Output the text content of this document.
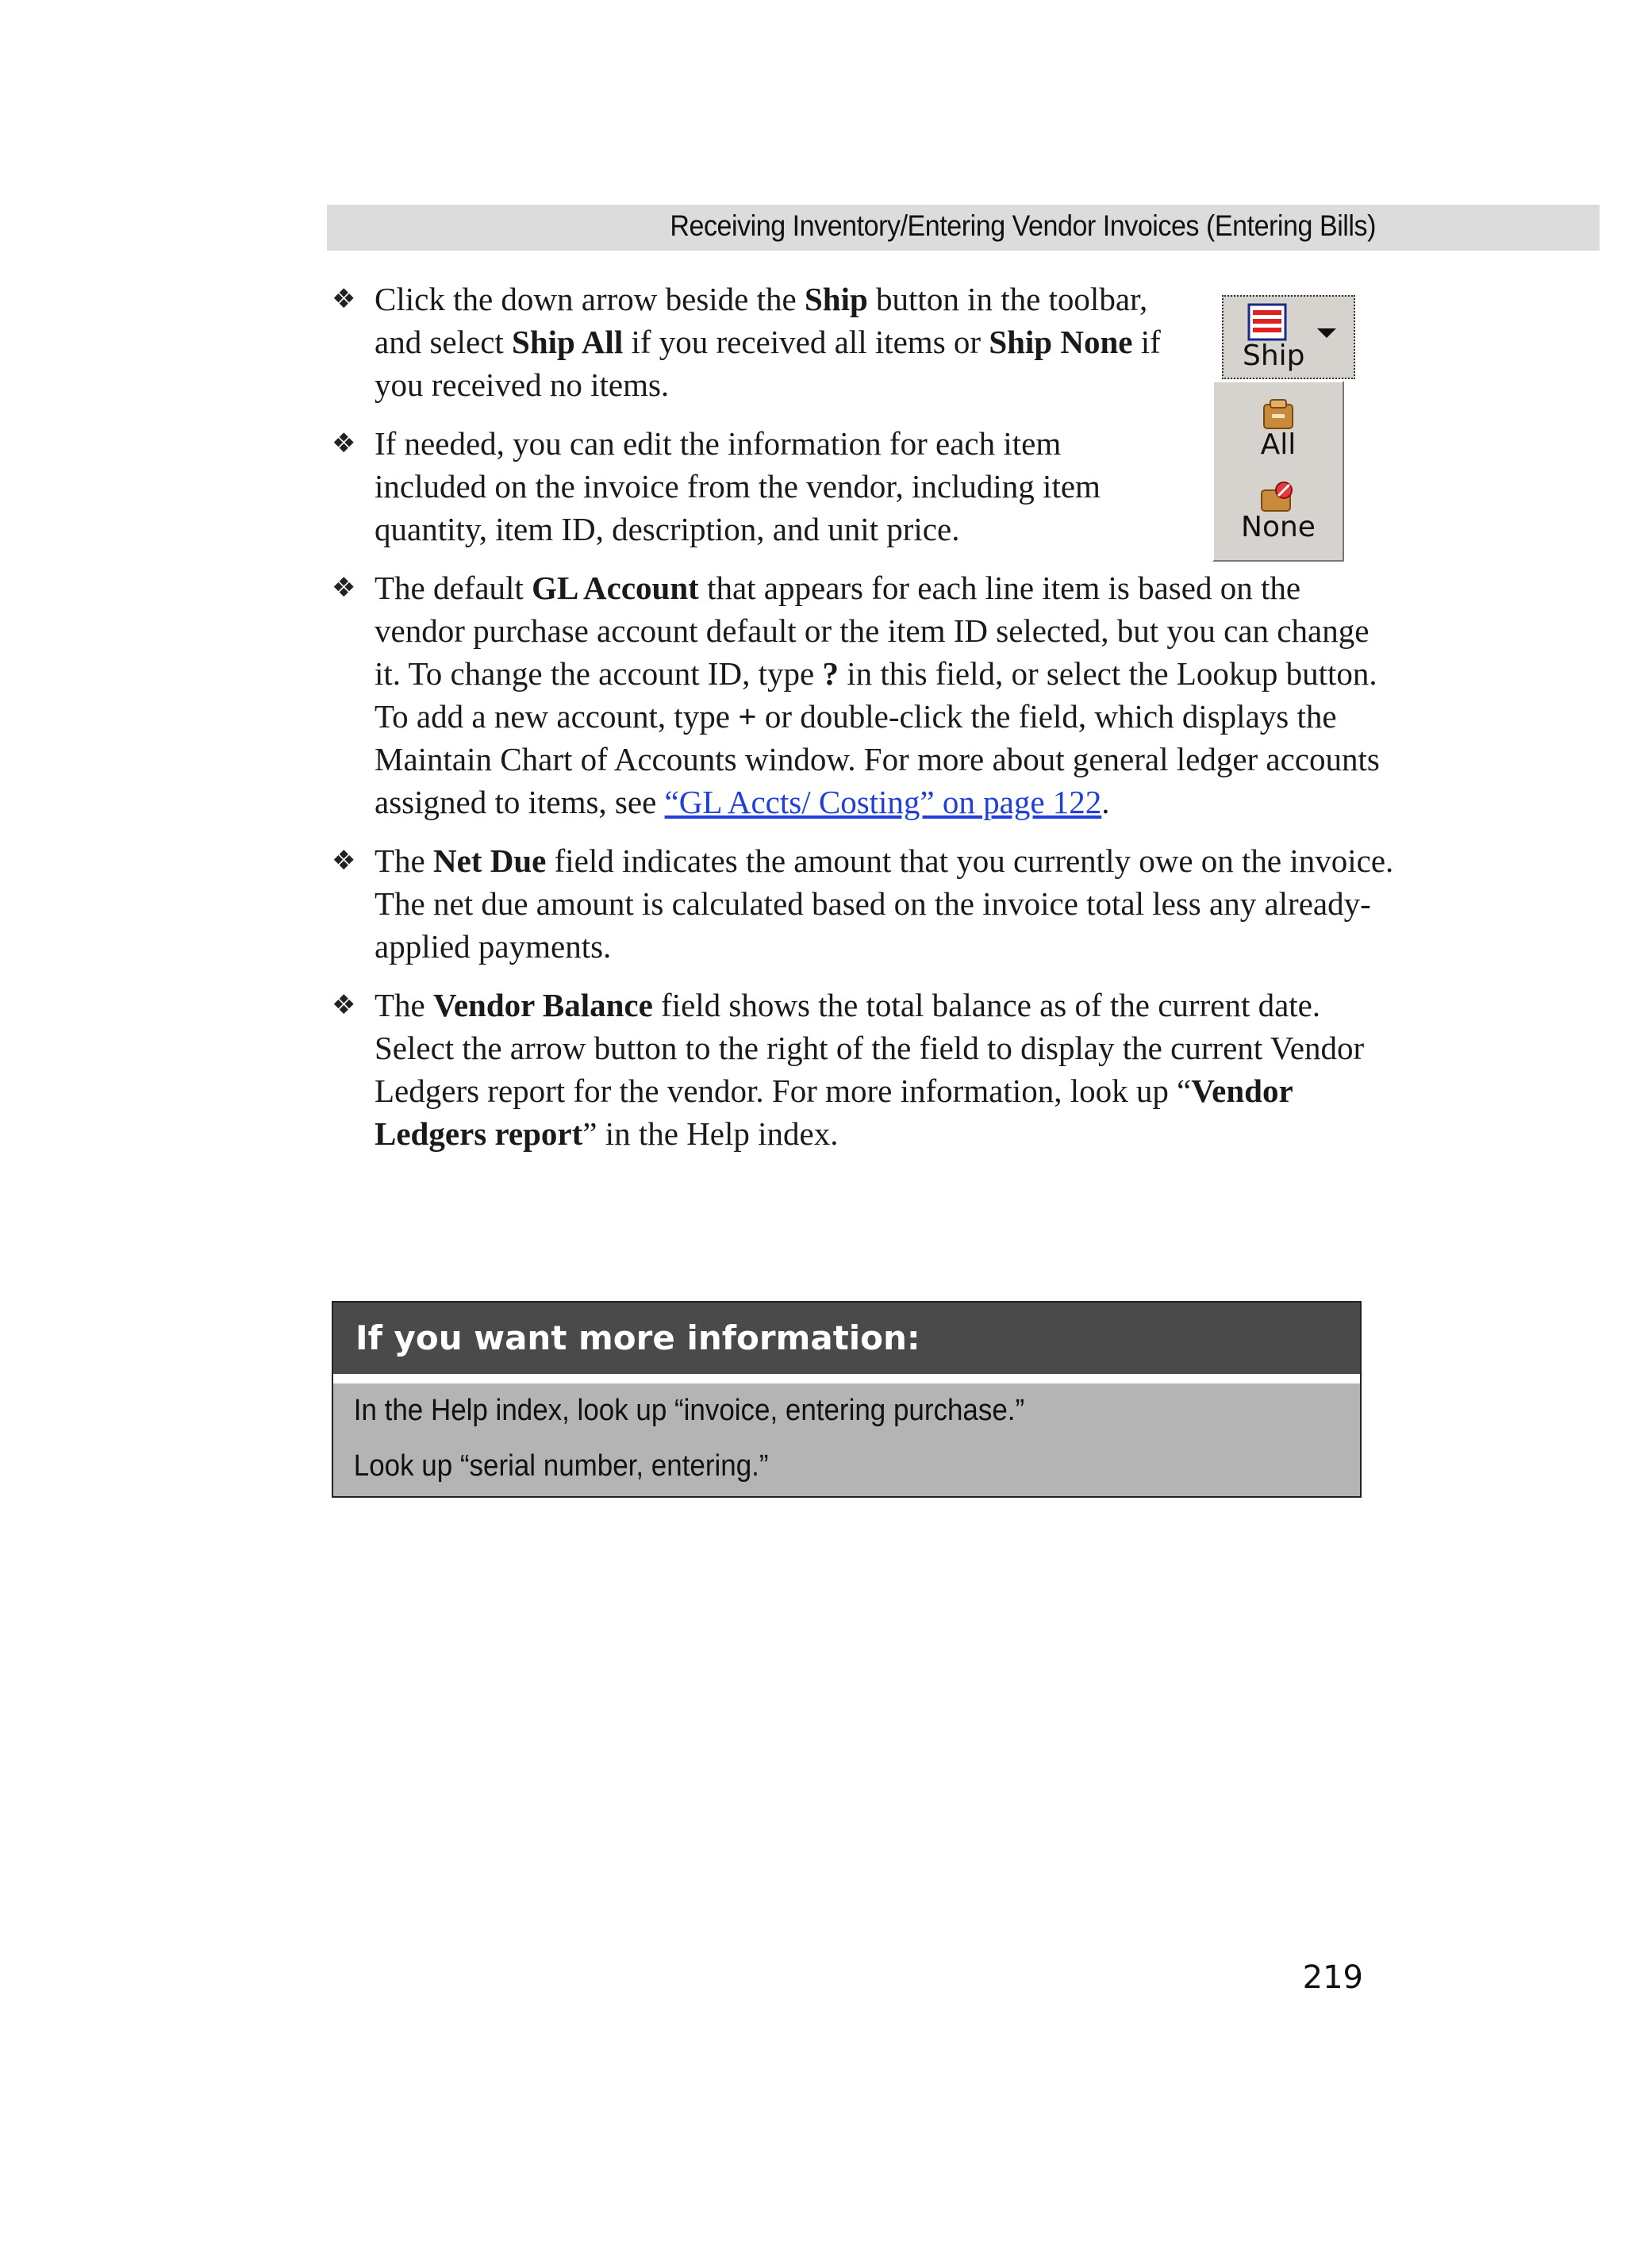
Receiving Inventory/Entering Vendor Invoices (Entering Bills)
Ship
All
None
❖ Click the down arrow beside the Ship button in the toolbar, and select Ship All if you received all items or Ship None if you received no items.
❖ If needed, you can edit the information for each item included on the invoice from the vendor, including item quantity, item ID, description, and unit price.
❖ The default GL Account that appears for each line item is based on the vendor purchase account default or the item ID selected, but you can change it. To change the account ID, type ? in this field, or select the Lookup button. To add a new account, type + or double-click the field, which displays the Maintain Chart of Accounts window. For more about general ledger accounts assigned to items, see “GL Accts/ Costing” on page 122.
❖ The Net Due field indicates the amount that you currently owe on the invoice. The net due amount is calculated based on the invoice total less any already-applied payments.
❖ The Vendor Balance field shows the total balance as of the current date. Select the arrow button to the right of the field to display the current Vendor Ledgers report for the vendor. For more information, look up “Vendor Ledgers report” in the Help index.
If you want more information:
In the Help index, look up “invoice, entering purchase.”
Look up “serial number, entering.”
219
